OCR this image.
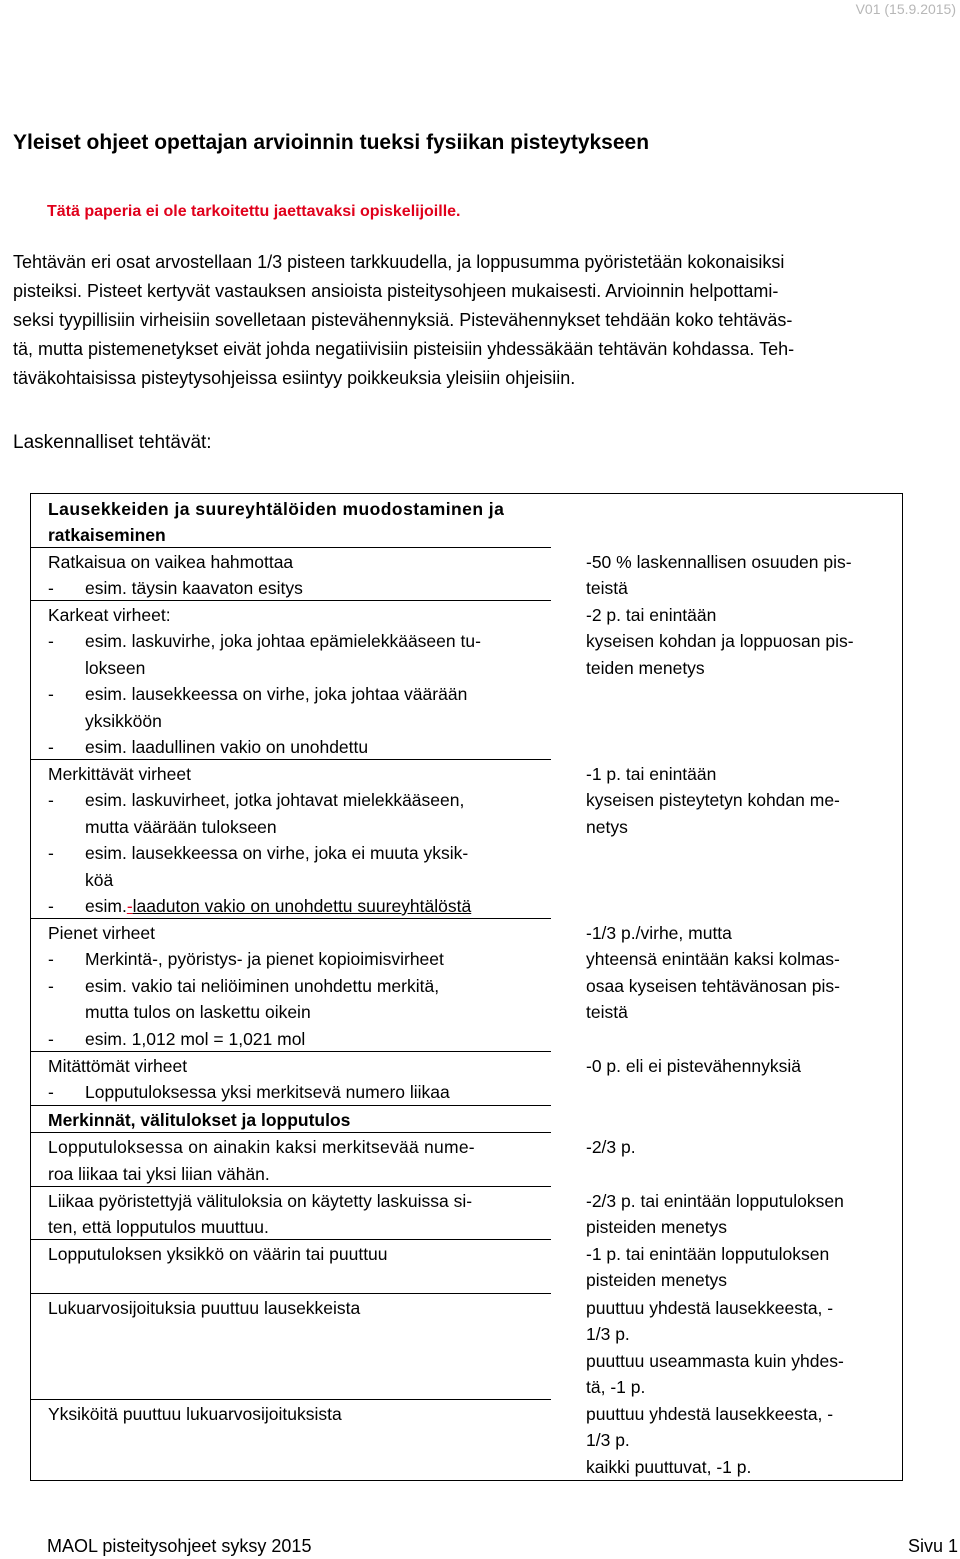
V01 (15.9.2015)
Yleiset ohjeet opettajan arvioinnin tueksi fysiikan pisteytykseen
Tätä paperia ei ole tarkoitettu jaettavaksi opiskelijoille.
Tehtävän eri osat arvostellaan 1/3 pisteen tarkkuudella, ja loppusumma pyöristetään kokonaisiksi
pisteiksi. Pisteet kertyvät vastauksen ansioista pisteitysohjeen mukaisesti. Arvioinnin helpottami-
seksi tyypillisiin virheisiin sovelletaan pistevähennyksiä. Pistevähennykset tehdään koko tehtäväs-
tä, mutta pistemenetykset eivät johda negatiivisiin pisteisiin yhdessäkään tehtävän kohdassa. Teh-
täväkohtaisissa pisteytysohjeissa esiintyy poikkeuksia yleisiin ohjeisiin.
Laskennalliset tehtävät:
Lausekkeiden ja suureyhtälöiden muodostaminen ja
ratkaiseminen
Ratkaisua on vaikea hahmottaa
- esim. täysin kaavaton esitys
Karkeat virheet:
- esim. laskuvirhe, joka johtaa epämielekkääseen tu-
lokseen
- esim. lausekkeessa on virhe, joka johtaa väärään
yksikköön
- esim. laadullinen vakio on unohdettu
Merkittävät virheet
- esim. laskuvirheet, jotka johtavat mielekkääseen,
mutta väärään tulokseen
- esim. lausekkeessa on virhe, joka ei muuta yksik-
köä
- esim.-laaduton vakio on unohdettu suureyhtälöstä
Pienet virheet
- Merkintä-, pyöristys- ja pienet kopioimisvirheet
- esim. vakio tai neliöiminen unohdettu merkitä,
mutta tulos on laskettu oikein
- esim. 1,012 mol = 1,021 mol
Mitättömät virheet
- Lopputuloksessa yksi merkitsevä numero liikaa
Merkinnät, välitulokset ja lopputulos
Lopputuloksessa on ainakin kaksi merkitsevää nume-
roa liikaa tai yksi liian vähän.
Liikaa pyöristettyjä välituloksia on käytetty laskuissa si-
ten, että lopputulos muuttuu.
Lopputuloksen yksikkö on väärin tai puuttuu
Lukuarvosijoituksia puuttuu lausekkeista
Yksiköitä puuttuu lukuarvosijoituksista
-50 % laskennallisen osuuden pis-
teistä
-2 p. tai enintään
kyseisen kohdan ja loppuosan pis-
teiden menetys
-1 p. tai enintään
kyseisen pisteytetyn kohdan me-
netys
-1/3 p./virhe, mutta
yhteensä enintään kaksi kolmas-
osaa kyseisen tehtävänosan pis-
teistä
-0 p. eli ei pistevähennyksiä
-2/3 p.
-2/3 p. tai enintään lopputuloksen
pisteiden menetys
-1 p. tai enintään lopputuloksen
pisteiden menetys
puuttuu yhdestä lausekkeesta, -
1/3 p.
puuttuu useammasta kuin yhdes-
tä, -1 p.
puuttuu yhdestä lausekkeesta, -
1/3 p.
kaikki puuttuvat, -1 p.
MAOL pisteitysohjeet syksy 2015	Sivu 1
